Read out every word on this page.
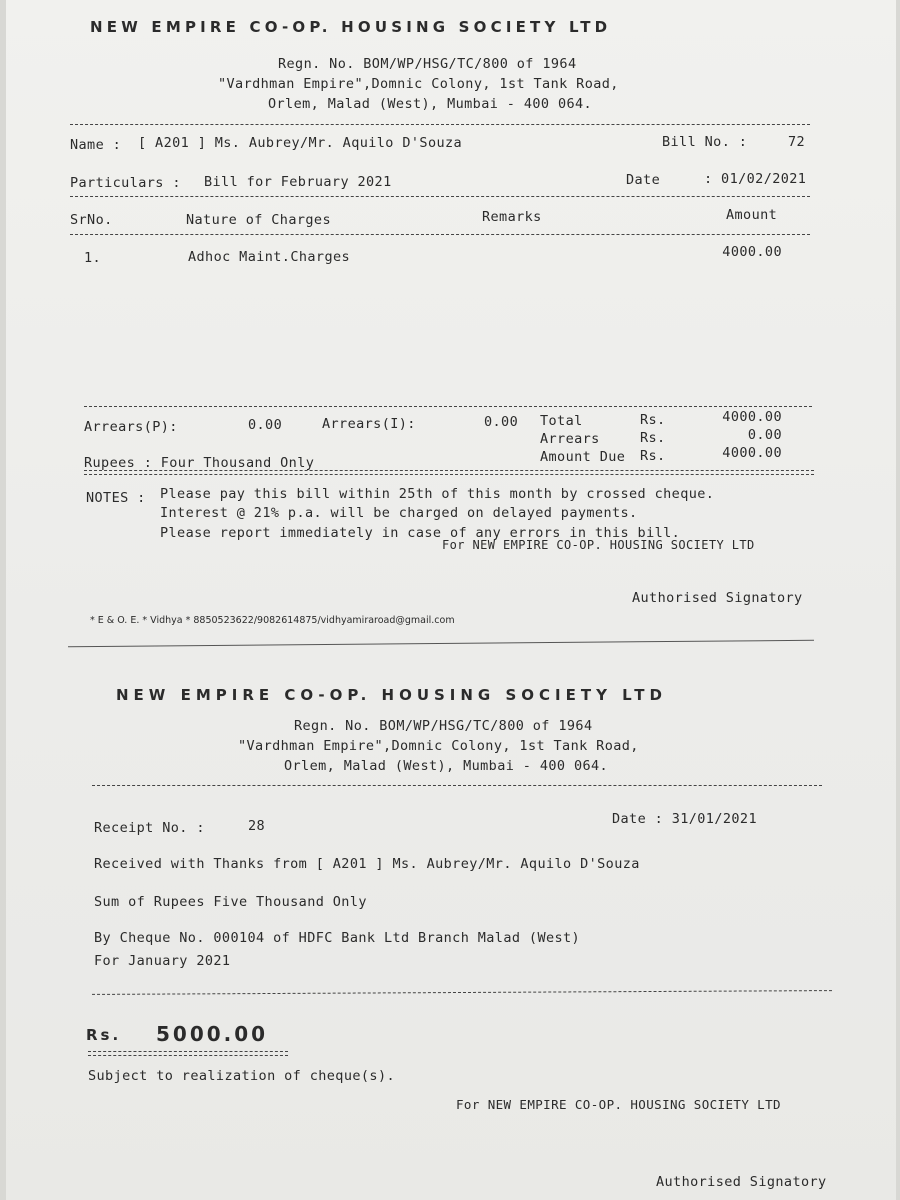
NEW EMPIRE CO-OP. HOUSING SOCIETY LTD
Regn. No. BOM/WP/HSG/TC/800 of 1964
"Vardhman Empire",Domnic Colony, 1st Tank Road,
Orlem, Malad (West), Mumbai - 400 064.
Name : [ A201 ] Ms. Aubrey/Mr. Aquilo D'Souza	Bill No. :	72
Particulars : Bill for February 2021	Date	: 01/02/2021
SrNo.	Nature of Charges	Remarks	Amount
1.	Adhoc Maint.Charges	4000.00
Arrears(P):	0.00	Arrears(I):	0.00 Total	Rs.	4000.00
Arrears	Rs.	0.00
Rupees : Four Thousand Only	Amount Due Rs.	4000.00
NOTES : Please pay this bill within 25th of this month by crossed cheque.
Interest @ 21% p.a. will be charged on delayed payments.
Please report immediately in case of any errors in this bill.
For NEW EMPIRE CO-OP. HOUSING SOCIETY LTD
Authorised Signatory
* E & O. E. * Vidhya * 8850523622/9082614875/vidhyamiraroad@gmail.com
NEW EMPIRE CO-OP. HOUSING SOCIETY LTD
Regn. No. BOM/WP/HSG/TC/800 of 1964
"Vardhman Empire",Domnic Colony, 1st Tank Road,
Orlem, Malad (West), Mumbai - 400 064.
Receipt No. :	28	Date : 31/01/2021
Received with Thanks from [ A201 ] Ms. Aubrey/Mr. Aquilo D'Souza
Sum of Rupees Five Thousand Only
By Cheque No. 000104 of HDFC Bank Ltd Branch Malad (West)
For January 2021
Rs. 5000.00
Subject to realization of cheque(s).
For NEW EMPIRE CO-OP. HOUSING SOCIETY LTD
Authorised Signatory
